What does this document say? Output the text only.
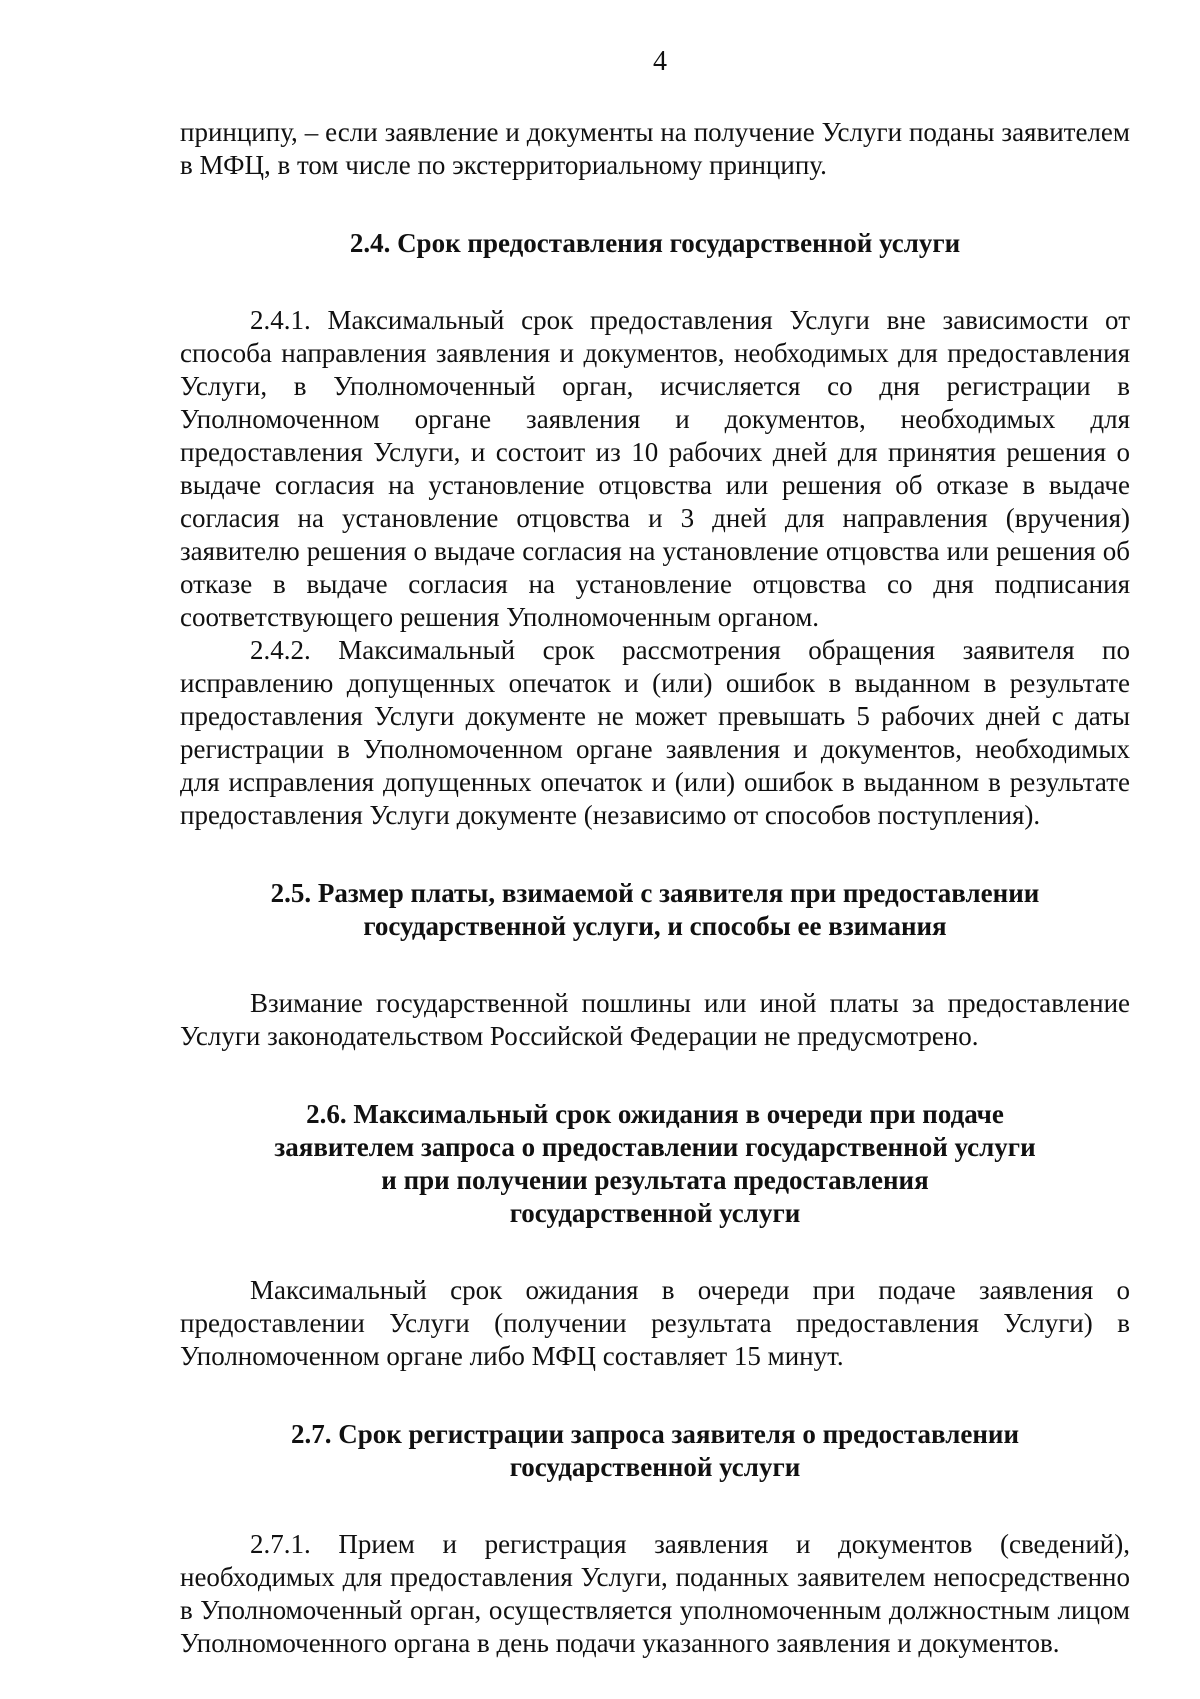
4

принципу, – если заявление и документы на получение Услуги поданы заявителем в МФЦ, в том числе по экстерриториальному принципу.

2.4. Срок предоставления государственной услуги

2.4.1. Максимальный срок предоставления Услуги вне зависимости от способа направления заявления и документов, необходимых для предоставления Услуги, в Уполномоченный орган, исчисляется со дня регистрации в Уполномоченном органе заявления и документов, необходимых для предоставления Услуги, и состоит из 10 рабочих дней для принятия решения о выдаче согласия на установление отцовства или решения об отказе в выдаче согласия на установление отцовства и 3 дней для направления (вручения) заявителю решения о выдаче согласия на установление отцовства или решения об отказе в выдаче согласия на установление отцовства со дня подписания соответствующего решения Уполномоченным органом.

2.4.2. Максимальный срок рассмотрения обращения заявителя по исправлению допущенных опечаток и (или) ошибок в выданном в результате предоставления Услуги документе не может превышать 5 рабочих дней с даты регистрации в Уполномоченном органе заявления и документов, необходимых для исправления допущенных опечаток и (или) ошибок в выданном в результате предоставления Услуги документе (независимо от способов поступления).

2.5. Размер платы, взимаемой с заявителя при предоставлении
государственной услуги, и способы ее взимания

Взимание государственной пошлины или иной платы за предоставление Услуги законодательством Российской Федерации не предусмотрено.

2.6. Максимальный срок ожидания в очереди при подаче
заявителем запроса о предоставлении государственной услуги
и при получении результата предоставления
государственной услуги

Максимальный срок ожидания в очереди при подаче заявления о предоставлении Услуги (получении результата предоставления Услуги) в Уполномоченном органе либо МФЦ составляет 15 минут.

2.7. Срок регистрации запроса заявителя о предоставлении
государственной услуги

2.7.1. Прием и регистрация заявления и документов (сведений), необходимых для предоставления Услуги, поданных заявителем непосредственно в Уполномоченный орган, осуществляется уполномоченным должностным лицом Уполномоченного органа в день подачи указанного заявления и документов.
